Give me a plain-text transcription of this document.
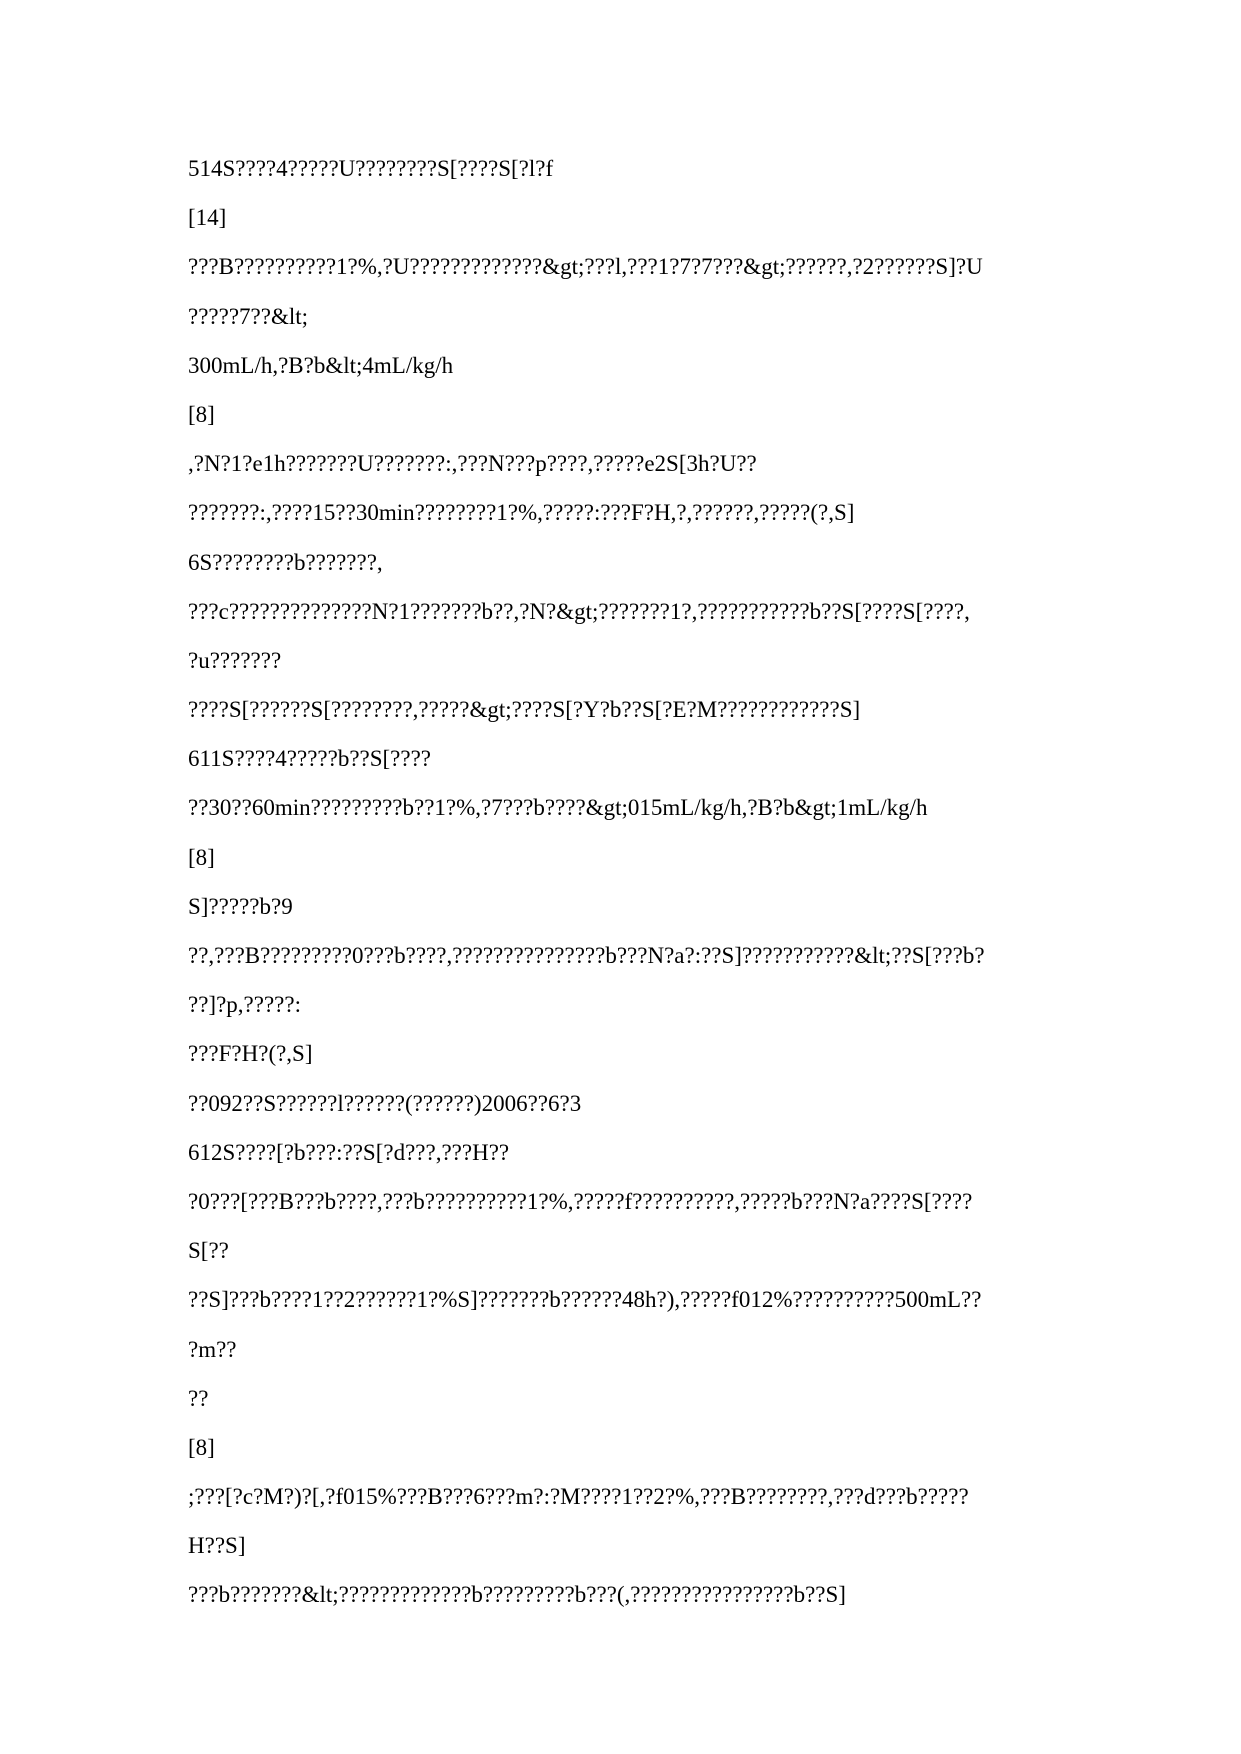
514S????4?????U????????S[????S[?l?f
[14]
???B??????????1?%,?U?????????????&gt;???l,???1?7?7???&gt;??????,?2??????S]?U
?????7??&lt;
300mL/h,?B?b&lt;4mL/kg/h
[8]
,?N?1?e1h???????U???????:,???N???p????,?????e2S[3h?U??
???????:,????15??30min????????1?%,?????:???F?H,?,??????,?????(?,S]
6S????????b???????,
???c??????????????N?1???????b??,?N?&gt;???????1?,???????????b??S[????S[????,
?u???????
????S[??????S[????????,?????&gt;????S[?Y?b??S[?E?M????????????S]
611S????4?????b??S[????
??30??60min?????????b??1?%,?7???b????&gt;015mL/kg/h,?B?b&gt;1mL/kg/h
[8]
S]?????b?9
??,???B?????????0???b????,???????????????b???N?a?:??S]???????????&lt;??S[???b?
??]?p,?????:
???F?H?(?,S]
??092??S??????l??????(??????)2006??6?3
612S????[?b???:??S[?d???,???H??
?0???[???B???b????,???b??????????1?%,?????f??????????,?????b???N?a????S[????
S[??
??S]???b????1??2??????1?%S]???????b??????48h?),?????f012%??????????500mL??
?m??
??
[8]
;???[?c?M?)?[,?f015%???B???6???m?:?M????1??2?%,???B????????,???d???b?????
H??S]
???b???????&lt;?????????????b?????????b???(,????????????????b??S]
